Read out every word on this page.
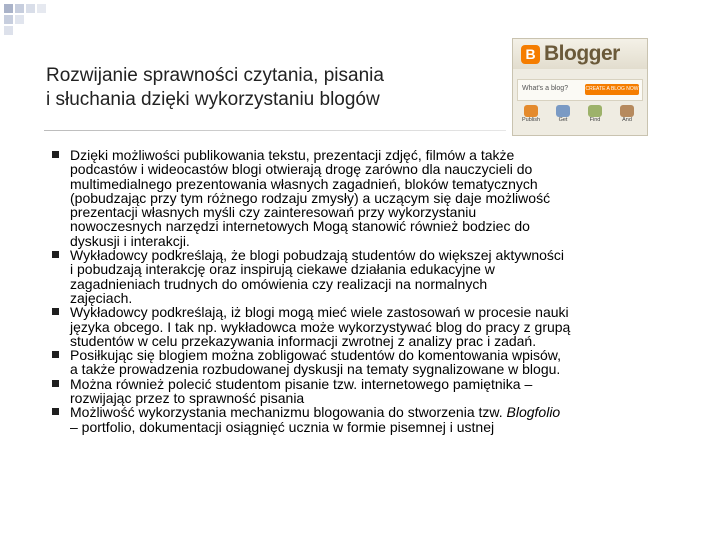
Rozwijanie sprawności czytania, pisania
i słuchania dzięki wykorzystaniu blogów
B Blogger
What's a blog?	CREATE A BLOG NOW
Publish	Get	Find	And
Dzięki możliwości publikowania tekstu, prezentacji zdjęć, filmów a także
podcastów i wideocastów blogi otwierają drogę zarówno dla nauczycieli do
multimedialnego prezentowania własnych zagadnień, bloków tematycznych
(pobudzając przy tym różnego rodzaju zmysły) a uczącym się daje możliwość
prezentacji własnych myśli czy zainteresowań przy wykorzystaniu
nowoczesnych narzędzi internetowych Mogą stanowić również bodziec do
dyskusji i interakcji.
Wykładowcy podkreślają, że blogi pobudzają studentów do większej aktywności
i pobudzają interakcję oraz inspirują ciekawe działania edukacyjne w
zagadnieniach trudnych do omówienia czy realizacji na normalnych
zajęciach.
Wykładowcy podkreślają, iż blogi mogą mieć wiele zastosowań w procesie nauki
języka obcego. I tak np. wykładowca może wykorzystywać blog do pracy z grupą
studentów w celu przekazywania informacji zwrotnej z analizy prac i zadań.
Posiłkując się blogiem można zobligować studentów do komentowania wpisów,
a także prowadzenia rozbudowanej dyskusji na tematy sygnalizowane w blogu.
Można również polecić studentom pisanie tzw. internetowego pamiętnika –
rozwijając przez to sprawność pisania
Możliwość wykorzystania mechanizmu blogowania do stworzenia tzw. Blogfolio
– portfolio, dokumentacji osiągnięć ucznia w formie pisemnej i ustnej
